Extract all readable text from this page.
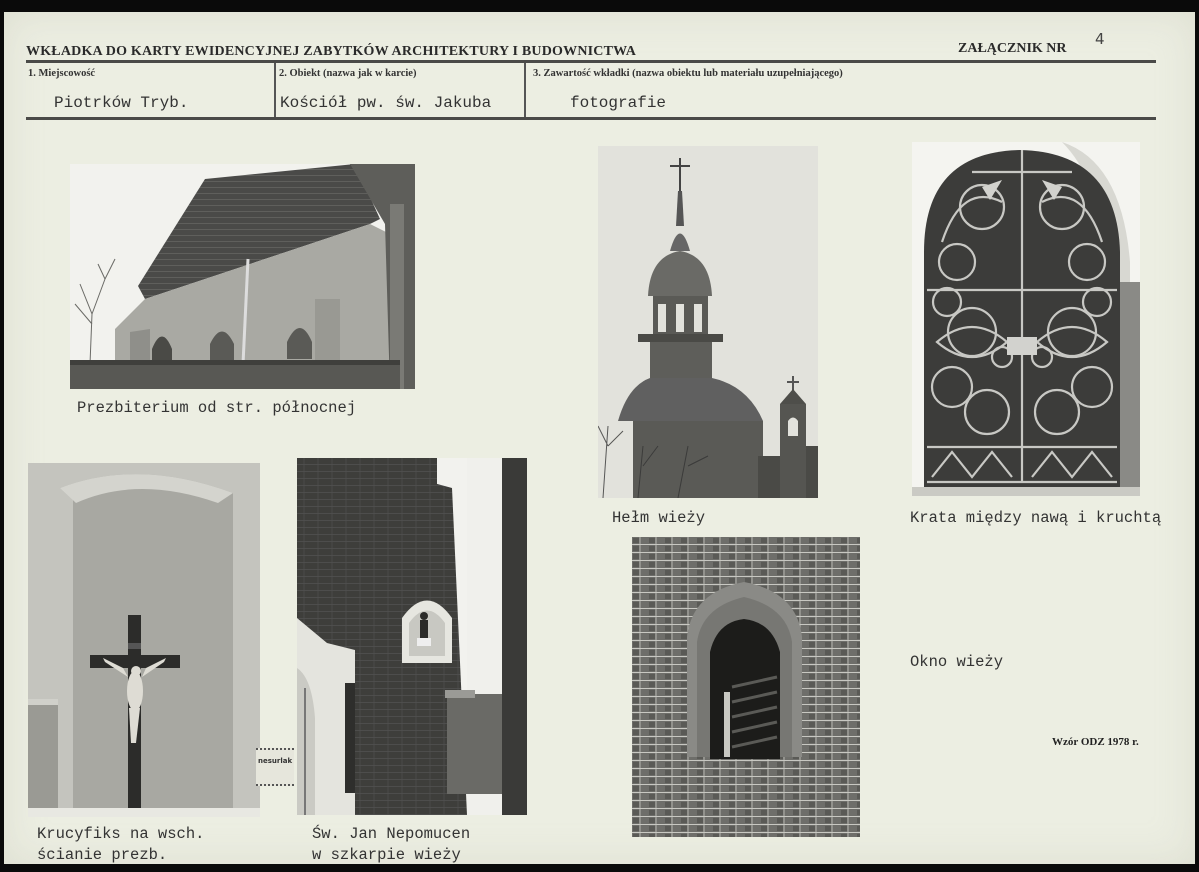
WKŁADKA DO KARTY EWIDENCYJNEJ ZABYTKÓW ARCHITEKTURY I BUDOWNICTWA	ZAŁĄCZNIK NR
4
1. Miejscowość	2. Obiekt (nazwa jak w karcie)	3. Zawartość wkładki (nazwa obiektu lub materiału uzupełniającego)
Piotrków Tryb.	Kościół pw. św. Jakuba	fotografie
Prezbiterium od str. północnej
Hełm wieży	Krata między nawą i kruchtą
Krucyfiks na wsch.
ścianie prezb.
nesurlak
Św. Jan Nepomucen
w szkarpie wieży
Okno wieży
Wzór ODZ 1978 r.
